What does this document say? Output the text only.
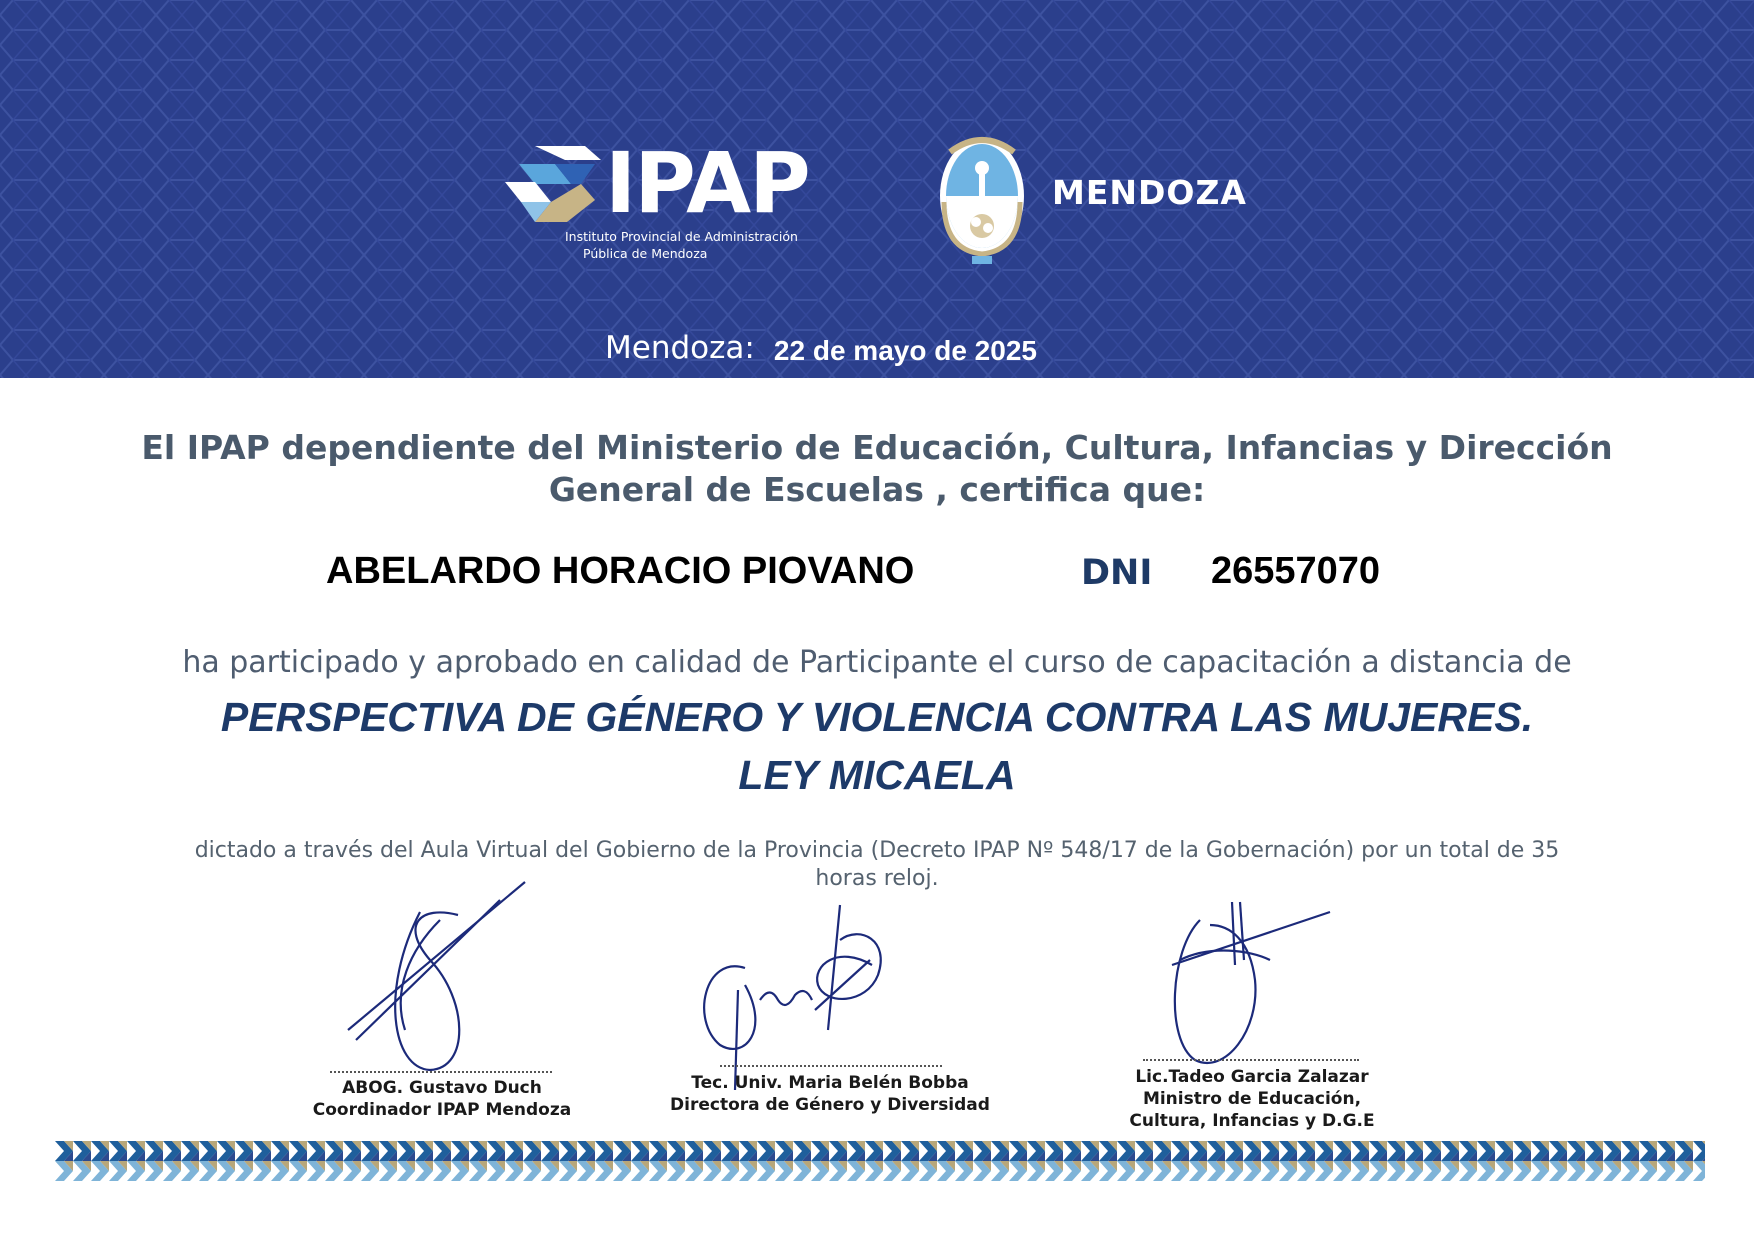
IPAP
Instituto Provincial de Administración
Pública de Mendoza
MENDOZA
Mendoza: 22 de mayo de 2025
El IPAP dependiente del Ministerio de Educación, Cultura, Infancias y Dirección
General de Escuelas , certifica que:
ABELARDO HORACIO PIOVANO	DNI 26557070
ha participado y aprobado en calidad de Participante el curso de capacitación a distancia de
PERSPECTIVA DE GÉNERO Y VIOLENCIA CONTRA LAS MUJERES.
LEY MICAELA
dictado a través del Aula Virtual del Gobierno de la Provincia (Decreto IPAP Nº 548/17 de la Gobernación) por un total de 35
horas reloj.
ABOG. Gustavo Duch
Coordinador IPAP Mendoza
Tec. Univ. Maria Belén Bobba
Directora de Género y Diversidad
Lic.Tadeo Garcia Zalazar
Ministro de Educación,
Cultura, Infancias y D.G.E
